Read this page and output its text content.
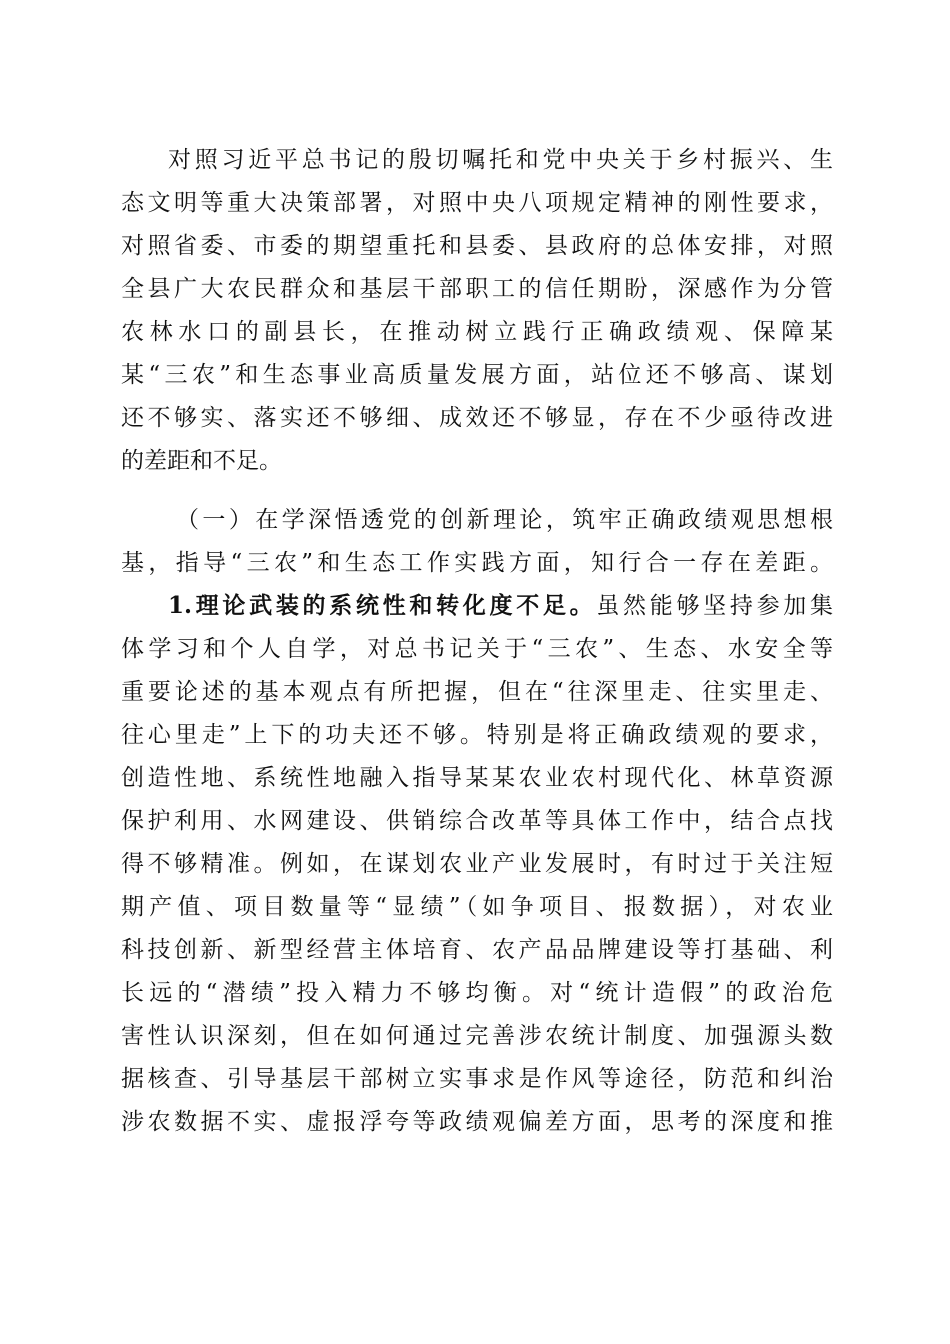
对照习近平总书记的殷切嘱托和党中央关于乡村振兴、生
态文明等重大决策部署，对照中央八项规定精神的刚性要求，
对照省委、市委的期望重托和县委、县政府的总体安排，对照
全县广大农民群众和基层干部职工的信任期盼，深感作为分管
农林水口的副县长，在推动树立践行正确政绩观、保障某
某“三农”和生态事业高质量发展方面，站位还不够高、谋划
还不够实、落实还不够细、成效还不够显，存在不少亟待改进
的差距和不足。
（一）在学深悟透党的创新理论，筑牢正确政绩观思想根
基，指导“三农”和生态工作实践方面，知行合一存在差距。
1.理论武装的系统性和转化度不足。虽然能够坚持参加集
体学习和个人自学，对总书记关于“三农”、生态、水安全等
重要论述的基本观点有所把握，但在“往深里走、往实里走、
往心里走”上下的功夫还不够。特别是将正确政绩观的要求，
创造性地、系统性地融入指导某某农业农村现代化、林草资源
保护利用、水网建设、供销综合改革等具体工作中，结合点找
得不够精准。例如，在谋划农业产业发展时，有时过于关注短
期产值、项目数量等“显绩”（如争项目、报数据），对农业
科技创新、新型经营主体培育、农产品品牌建设等打基础、利
长远的“潜绩”投入精力不够均衡。对“统计造假”的政治危
害性认识深刻，但在如何通过完善涉农统计制度、加强源头数
据核查、引导基层干部树立实事求是作风等途径，防范和纠治
涉农数据不实、虚报浮夸等政绩观偏差方面，思考的深度和推
